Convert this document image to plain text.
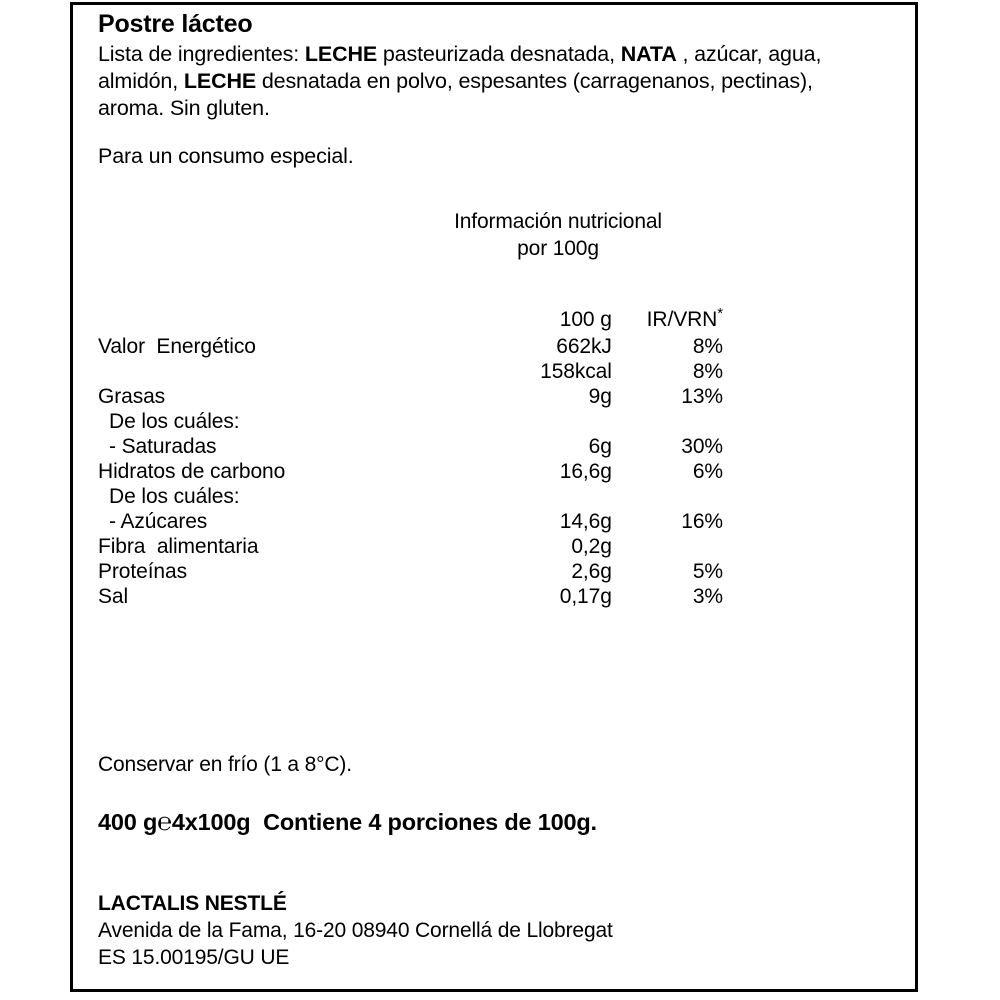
Postre lácteo
Lista de ingredientes: LECHE pasteurizada desnatada, NATA , azúcar, agua, almidón, LECHE desnatada en polvo, espesantes (carragenanos, pectinas), aroma. Sin gluten.
Para un consumo especial.
Información nutricional
por 100g
	100 g	IR/VRN*
Valor  Energético	662kJ	8%
	158kcal	8%
Grasas	9g	13%
De los cuáles:		
- Saturadas	6g	30%
Hidratos de carbono	16,6g	6%
De los cuáles:		
- Azúcares	14,6g	16%
Fibra  alimentaria	0,2g	
Proteínas	2,6g	5%
Sal	0,17g	3%
Conservar en frío (1 a 8°C).
400 g℮4x100g Contiene 4 porciones de 100g.
LACTALIS NESTLÉ
Avenida de la Fama, 16-20 08940 Cornellá de Llobregat
ES 15.00195/GU UE
